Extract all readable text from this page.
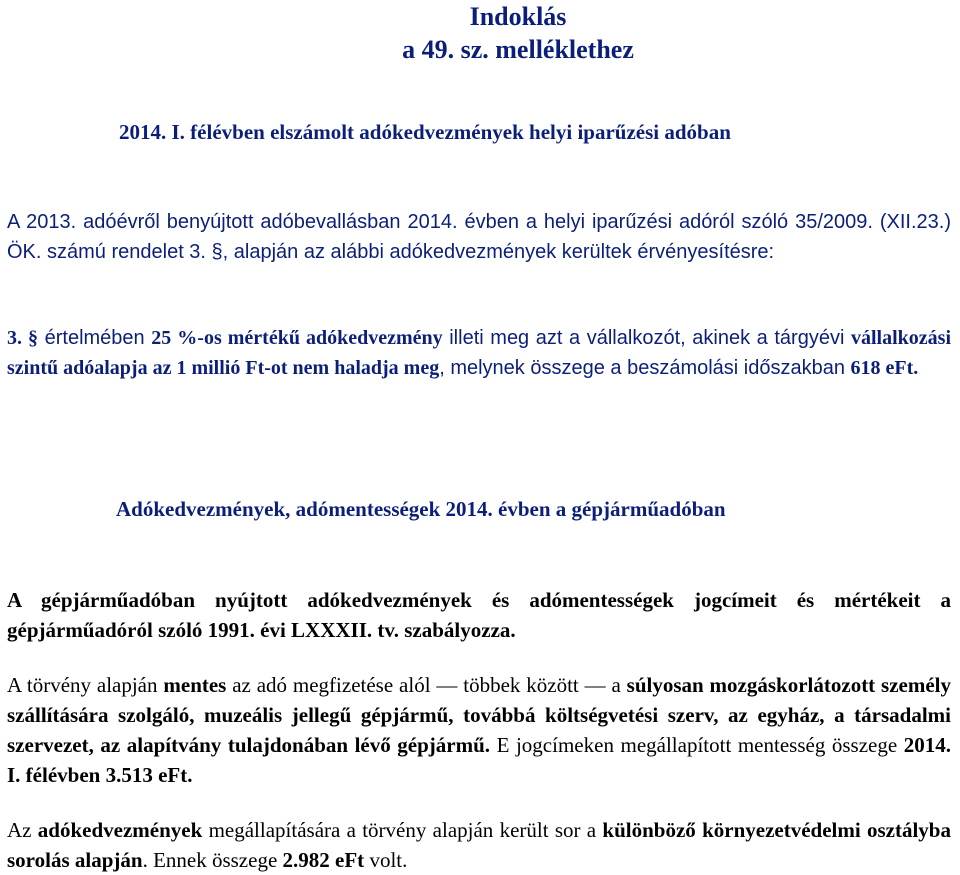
Indoklás
a 49. sz. melléklethez
2014. I. félévben elszámolt adókedvezmények helyi iparűzési adóban
A 2013. adóévről benyújtott adóbevallásban 2014. évben a helyi iparűzési adóról szóló 35/2009. (XII.23.) ÖK. számú rendelet 3. §, alapján az alábbi adókedvezmények kerültek érvényesítésre:
3. § értelmében 25 %-os mértékű adókedvezmény illeti meg azt a vállalkozót, akinek a tárgyévi vállalkozási szintű adóalapja az 1 millió Ft-ot nem haladja meg, melynek összege a beszámolási időszakban 618 eFt.
Adókedvezmények, adómentességek 2014. évben a gépjárműadóban
A gépjárműadóban nyújtott adókedvezmények és adómentességek jogcímeit és mértékeit a gépjárműadóról szóló 1991. évi LXXXII. tv. szabályozza.
A törvény alapján mentes az adó megfizetése alól — többek között — a súlyosan mozgáskorlátozott személy szállítására szolgáló, muzeális jellegű gépjármű, továbbá költségvetési szerv, az egyház, a társadalmi szervezet, az alapítvány tulajdonában lévő gépjármű. E jogcímeken megállapított mentesség összege 2014. I. félévben 3.513 eFt.
Az adókedvezmények megállapítására a törvény alapján került sor a különböző környezetvédelmi osztályba sorolás alapján. Ennek összege 2.982 eFt volt.
